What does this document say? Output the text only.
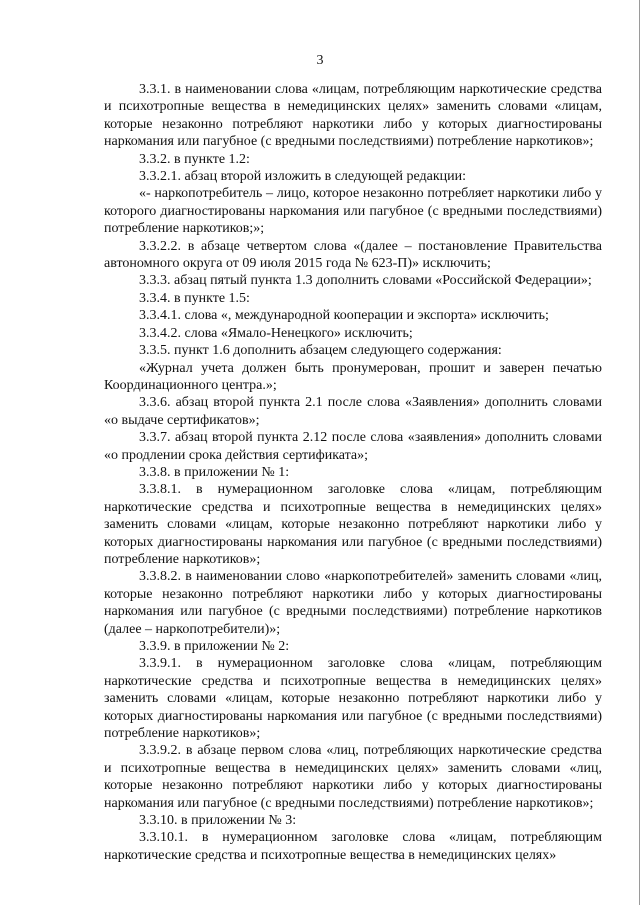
3

3.3.1. в наименовании слова «лицам, потребляющим наркотические средства и психотропные вещества в немедицинских целях» заменить словами «лицам, которые незаконно потребляют наркотики либо у которых диагностированы наркомания или пагубное (с вредными последствиями) потребление наркотиков»;

3.3.2. в пункте 1.2:

3.3.2.1. абзац второй изложить в следующей редакции:

«- наркопотребитель – лицо, которое незаконно потребляет наркотики либо у которого диагностированы наркомания или пагубное (с вредными последствиями) потребление наркотиков;»;

3.3.2.2. в абзаце четвертом слова «(далее – постановление Правительства автономного округа от 09 июля 2015 года № 623-П)» исключить;

3.3.3. абзац пятый пункта 1.3 дополнить словами «Российской Федерации»;

3.3.4. в пункте 1.5:

3.3.4.1. слова «, международной кооперации и экспорта» исключить;

3.3.4.2. слова «Ямало-Ненецкого» исключить;

3.3.5. пункт 1.6 дополнить абзацем следующего содержания:

«Журнал учета должен быть пронумерован, прошит и заверен печатью Координационного центра.»;

3.3.6. абзац второй пункта 2.1 после слова «Заявления» дополнить словами «о выдаче сертификатов»;

3.3.7. абзац второй пункта 2.12 после слова «заявления» дополнить словами «о продлении срока действия сертификата»;

3.3.8. в приложении № 1:

3.3.8.1. в нумерационном заголовке слова «лицам, потребляющим наркотические средства и психотропные вещества в немедицинских целях» заменить словами «лицам, которые незаконно потребляют наркотики либо у которых диагностированы наркомания или пагубное (с вредными последствиями) потребление наркотиков»;

3.3.8.2. в наименовании слово «наркопотребителей» заменить словами «лиц, которые незаконно потребляют наркотики либо у которых диагностированы наркомания или пагубное (с вредными последствиями) потребление наркотиков (далее – наркопотребители)»;

3.3.9. в приложении № 2:

3.3.9.1. в нумерационном заголовке слова «лицам, потребляющим наркотические средства и психотропные вещества в немедицинских целях» заменить словами «лицам, которые незаконно потребляют наркотики либо у которых диагностированы наркомания или пагубное (с вредными последствиями) потребление наркотиков»;

3.3.9.2. в абзаце первом слова «лиц, потребляющих наркотические средства и психотропные вещества в немедицинских целях» заменить словами «лиц, которые незаконно потребляют наркотики либо у которых диагностированы наркомания или пагубное (с вредными последствиями) потребление наркотиков»;

3.3.10. в приложении № 3:

3.3.10.1. в нумерационном заголовке слова «лицам, потребляющим наркотические средства и психотропные вещества в немедицинских целях»
